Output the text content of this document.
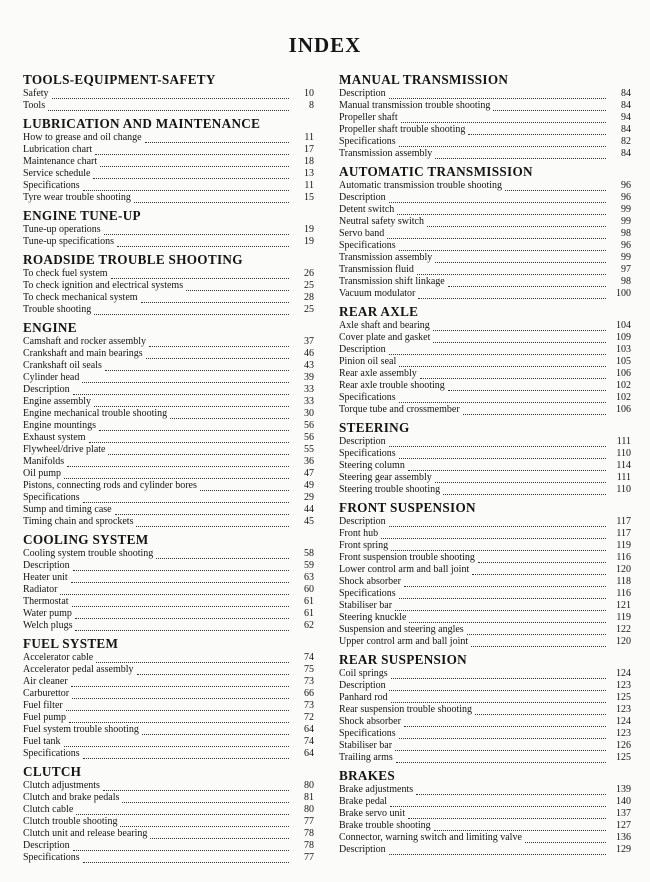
INDEX
TOOLS-EQUIPMENT-SAFETY
Safety	10
Tools	8
LUBRICATION AND MAINTENANCE
How to grease and oil change	11
Lubrication chart	17
Maintenance chart	18
Service schedule	13
Specifications	11
Tyre wear trouble shooting	15
ENGINE TUNE-UP
Tune-up operations	19
Tune-up specifications	19
ROADSIDE TROUBLE SHOOTING
To check fuel system	26
To check ignition and electrical systems	25
To check mechanical system	28
Trouble shooting	25
ENGINE
Camshaft and rocker assembly	37
Crankshaft and main bearings	46
Crankshaft oil seals	43
Cylinder head	39
Description	33
Engine assembly	33
Engine mechanical trouble shooting	30
Engine mountings	56
Exhaust system	56
Flywheel/drive plate	55
Manifolds	36
Oil pump	47
Pistons, connecting rods and cylinder bores	49
Specifications	29
Sump and timing case	44
Timing chain and sprockets	45
COOLING SYSTEM
Cooling system trouble shooting	58
Description	59
Heater unit	63
Radiator	60
Thermostat	61
Water pump	61
Welch plugs	62
FUEL SYSTEM
Accelerator cable	74
Accelerator pedal assembly	75
Air cleaner	73
Carburettor	66
Fuel filter	73
Fuel pump	72
Fuel system trouble shooting	64
Fuel tank	74
Specifications	64
CLUTCH
Clutch adjustments	80
Clutch and brake pedals	81
Clutch cable	80
Clutch trouble shooting	77
Clutch unit and release bearing	78
Description	78
Specifications	77
MANUAL TRANSMISSION
Description	84
Manual transmission trouble shooting	84
Propeller shaft	94
Propeller shaft trouble shooting	84
Specifications	82
Transmission assembly	84
AUTOMATIC TRANSMISSION
Automatic transmission trouble shooting	96
Description	96
Detent switch	99
Neutral safety switch	99
Servo band	98
Specifications	96
Transmission assembly	99
Transmission fluid	97
Transmission shift linkage	98
Vacuum modulator	100
REAR AXLE
Axle shaft and bearing	104
Cover plate and gasket	109
Description	103
Pinion oil seal	105
Rear axle assembly	106
Rear axle trouble shooting	102
Specifications	102
Torque tube and crossmember	106
STEERING
Description	111
Specifications	110
Steering column	114
Steering gear assembly	111
Steering trouble shooting	110
FRONT SUSPENSION
Description	117
Front hub	117
Front spring	119
Front suspension trouble shooting	116
Lower control arm and ball joint	120
Shock absorber	118
Specifications	116
Stabiliser bar	121
Steering knuckle	119
Suspension and steering angles	122
Upper control arm and ball joint	120
REAR SUSPENSION
Coil springs	124
Description	123
Panhard rod	125
Rear suspension trouble shooting	123
Shock absorber	124
Specifications	123
Stabiliser bar	126
Trailing arms	125
BRAKES
Brake adjustments	139
Brake pedal	140
Brake servo unit	137
Brake trouble shooting	127
Connector, warning switch and limiting valve	136
Description	129
